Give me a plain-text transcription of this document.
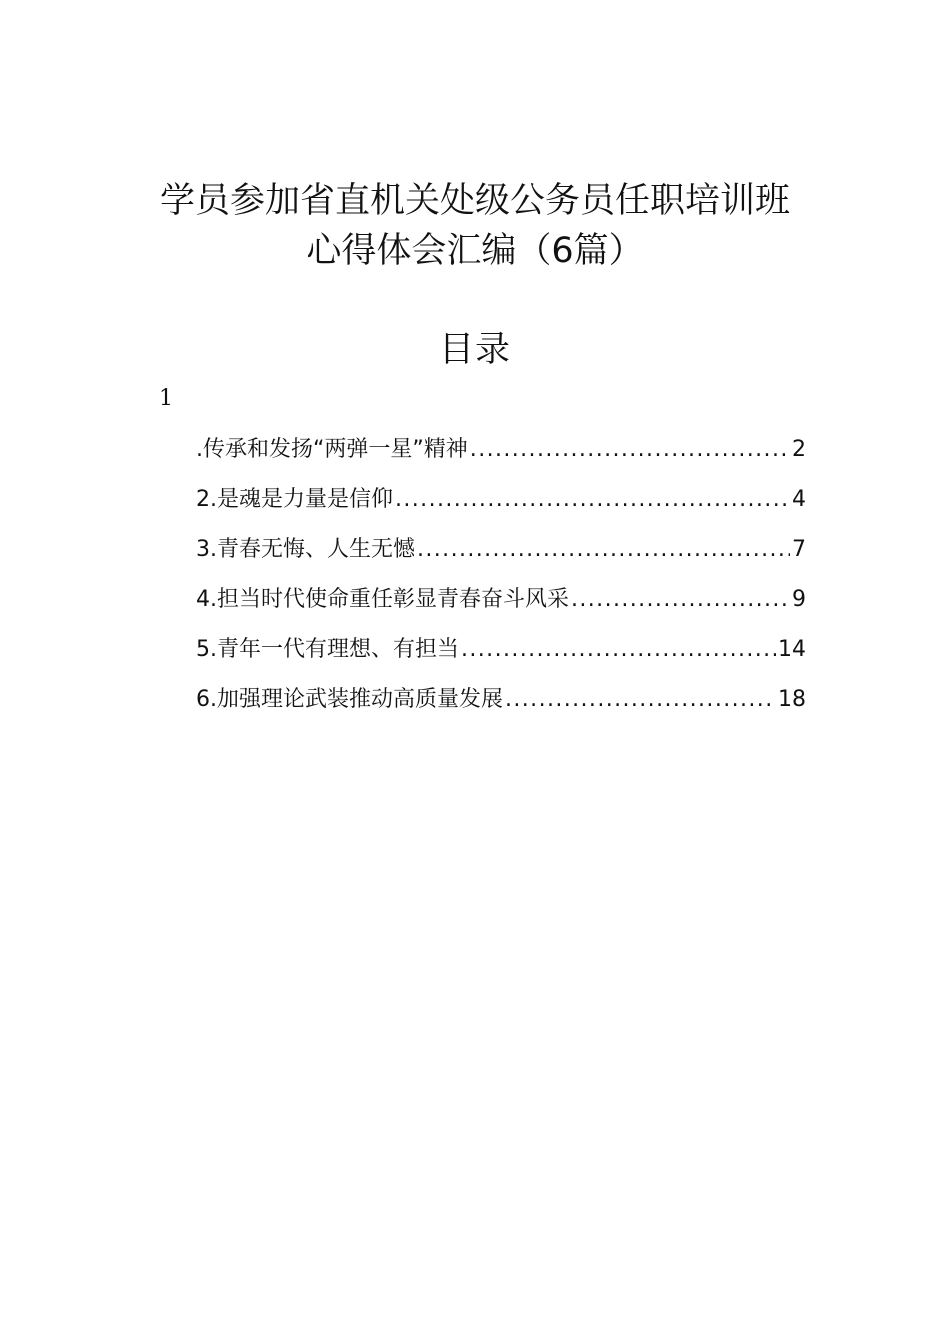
学员参加省直机关处级公务员任职培训班
心得体会汇编（6篇）
目录
1
.传承和发扬“两弹一星”精神 .....	2
2.是魂是力量是信仰 .....	4
3.青春无悔、人生无憾 .....	7
4.担当时代使命重任彰显青春奋斗风采 .....	9
5.青年一代有理想、有担当 .....	14
6.加强理论武装推动高质量发展 .....	18
